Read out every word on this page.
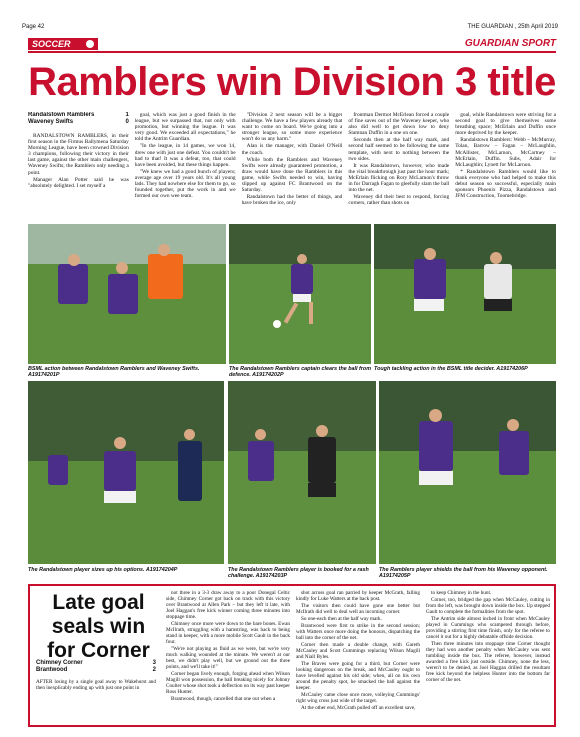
Page 42	THE GUARDIAN , 25th April 2019
SOCCER	GUARDIAN SPORT
Ramblers win Division 3 title
Randalstown Ramblers	1
Waveney Swifts	0

RANDALSTOWN RAMBLERS, in their first season in the Firmus Ballymena Saturday Morning League, have been crowned Division 3 champions, following their victory in their last game, against the other main challengers, Waveney Swifts; the Ramblers only needing a point.

Manager Alan Potter said he was "absolutely delighted. I set myself a

goal, which was just a good finish in the league, but we surpassed that, not only with promotion, but winning the league. It was very good. We exceeded all expectations," he told the Antrim Guardian.

"In the league, in 14 games, we won 14, drew one with just one defeat. You couldn't be bad to that! It was a defeat, too, that could have been avoided, but these things happen.

"We knew we had a good bunch of players; average age over 19 years old. It's all young lads. They had nowhere else for them to go, so founded together, put the work in and we formed our own wee team.

"Division 2 next season will be a bigger challenge. We have a few players already that want to come on board. We're going into a stronger league, so some more experience won't do us any harm."

Alan is the manager, with Daniel O'Neill the coach.

While both the Ramblers and Waveney Swifts were already guaranteed promotion, a draw would have done the Ramblers in this game, while Swifts needed to win, having slipped up against FC Brantwood on the Saturday.

Randalstown had the better of things, and have broken the ice, only

frontman Dermot McErlean forced a couple of fine saves out of the Waveney keeper, who also did well to get down low to deny Stamnan Duffin in a one on one.

Seconds then at the half way mark, and second half seemed to be following the same template, with next to nothing between the two sides.

It was Randalstown, however, who made the vital breakthrough just past the hour mark; McErlain flicking on Rory McLarnon's throw in for Darragh Fagan to gleefully slam the ball into the net.

Waveney did their best to respond, forcing corners, rather than shots on

goal, while Randalstown were striving for a second goal to give themselves some breathing space; McErlain and Duffin once more deprived by the keeper.

Randalstown Ramblers: Webb – McMurray, Tolan, Barrow – Fagan – McLaughlin, McAllister, McLarnon, McCartney – McErlain, Duffin. Subs, Adair for McLaughlin; Lynett for McLarnon.

* Randalstown Ramblers would like to thank everyone who had helped to make this debut season so successful, especially main sponsors Phoenix Pizza, Randalstown and JFM Construction, Toomebridge.

BSML action between Randalstown Ramblers and Waveney Swifts. A19174201P
The Randalstown Ramblers captain clears the ball from defence. A19174202P
Tough tackling action in the BSML title decider. A19174206P
The Randalstown player sizes up his options. A19174204P	The Randalstown Ramblers player is booked for a rash challenge. A19174203P
The Ramblers player shields the ball from his Waveney opponent. A19174205P
Late goal seals win for Corner
Chimney Corner	3
Brantwood	2
AFTER losing by a single goal away to Wakehurst and then inexplicably ending up with just one point in

not three in a 3-3 draw away to a poor Donegal Celtic side, Chimney Corner got back on track with this victory over Brantwood at Allen Park – but they left it late, with Joel Haggan's free kick winner coming three minutes into stoppage time.

Chimney once more were down to the bare bones. Ewan McIlrath, struggling with a hamstring, was back to being stand in keeper, with a more mobile Scott Gault in the back four.

"We're not playing as fluid as we were, but we're very much walking wounded at the minute. We weren't at our best, we didn't play well, but we ground out the three points, and we'll take it!"

Corner began lively enough, forging ahead when Wilson Magill won possession, the ball breaking nicely for Johnny Coulter whose shot took a deflection on its way past keeper Ross Hunter.

Brantwood, though, cancelled that one out when a

shot across goal ran parried by keeper McGrath, falling kindly for Luke Watters at the back post.

The visitors then could have gone one better but McIlrath did well to deal well an incoming corner.

So one-each then at the half way mark.

Brantwood were first to strike in the second session; with Watters once more doing the honours, dispatching the ball into the corner of the net.

Corner then made a double change, with Gareth McCauley and Scott Cummings replacing Wilson Magill and Niall Byles.

The Braves were going for a third, but Corner were looking dangerous on the break, and McCauley ought to have levelled against his old side; when, all on his own around the penalty spot, he smacked the ball against the keeper.

McCauley came close once more, volleying Cummings' right wing cross just wide of the target.

At the other end, McGrath pulled off an excellent save,

to keep Chimney in the hunt.

Corner, too, bridged the gap when McCauley, cutting in from the left, was brought down inside the box. Up stepped Gault to complete the formalities from the spot.

The Antrim side almost inched in front when McCauley played in Cummings who scampered through before, providing a stirring first time finish, only for the referee to cancel it out for a highly debatable offside decision.

Then three minutes into stoppage time Corner thought they had won another penalty when McCauley was sent tumbling inside the box. The referee, however, instead awarded a free kick just outside. Chimney, none the less, weren't to be denied, as Joel Haggan drilled the resultant free kick beyond the helpless Hunter into the bottom far corner of the net.
